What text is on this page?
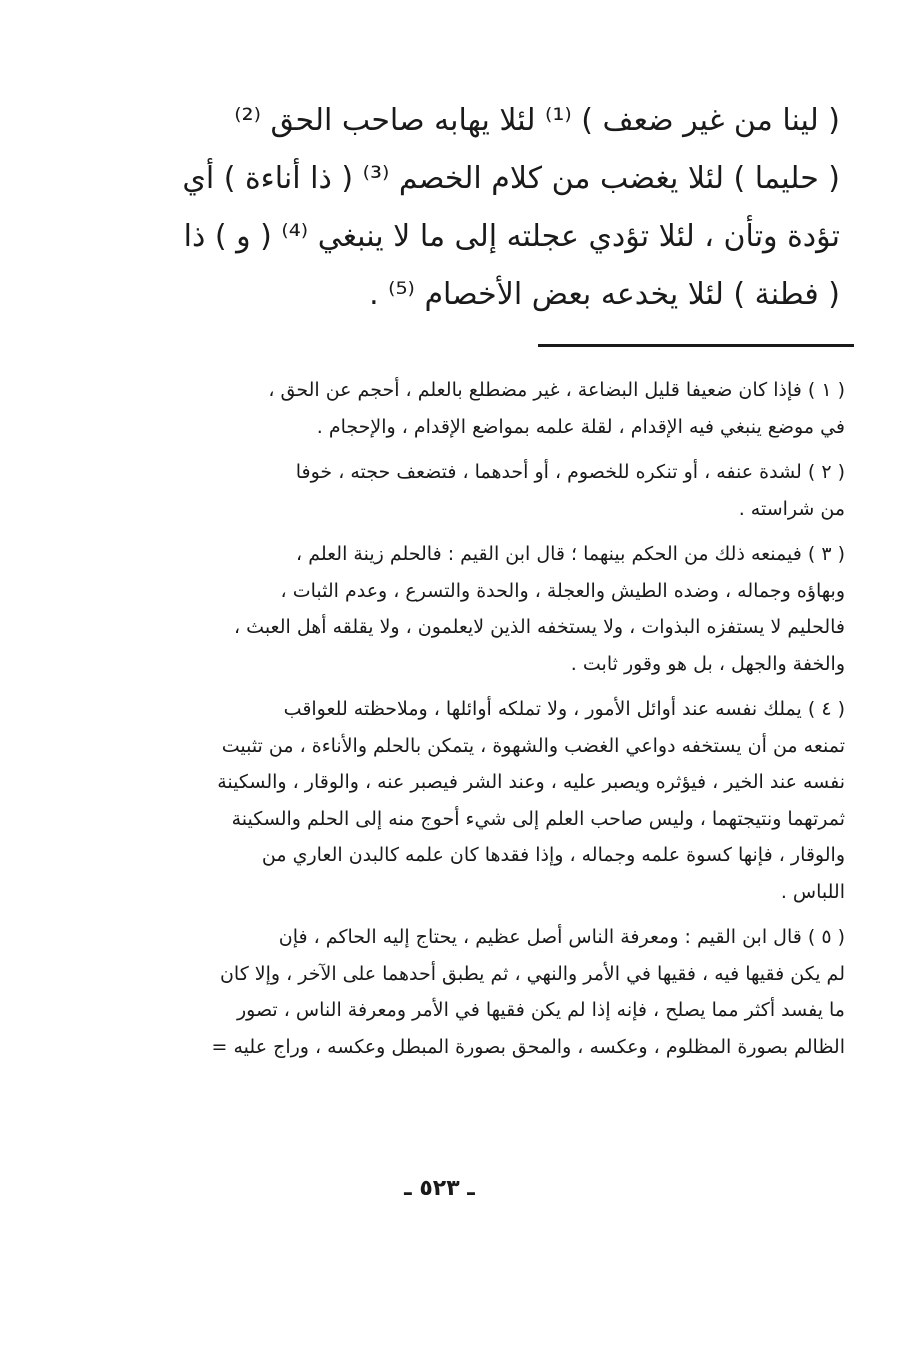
( لينا من غير ضعف ) ⁽¹⁾ لئلا يهابه صاحب الحق ⁽²⁾
( حليما ) لئلا يغضب من كلام الخصم ⁽³⁾ ( ذا أناءة ) أي
تؤدة وتأن ، لئلا تؤدي عجلته إلى ما لا ينبغي ⁽⁴⁾ ( و ) ذا
( فطنة ) لئلا يخدعه بعض الأخصام ⁽⁵⁾ .
( ١ ) فإذا كان ضعيفا قليل البضاعة ، غير مضطلع بالعلم ، أحجم عن الحق ،
في موضع ينبغي فيه الإقدام ، لقلة علمه بمواضع الإقدام ، والإحجام .
( ٢ ) لشدة عنفه ، أو تنكره للخصوم ، أو أحدهما ، فتضعف حجته ، خوفا
من شراسته .
( ٣ ) فيمنعه ذلك من الحكم بينهما ؛ قال ابن القيم : فالحلم زينة العلم ،
وبهاؤه وجماله ، وضده الطيش والعجلة ، والحدة والتسرع ، وعدم الثبات ،
فالحليم لا يستفزه البذوات ، ولا يستخفه الذين لايعلمون ، ولا يقلقه أهل العبث ،
والخفة والجهل ، بل هو وقور ثابت .
( ٤ ) يملك نفسه عند أوائل الأمور ، ولا تملكه أوائلها ، وملاحظته للعواقب
تمنعه من أن يستخفه دواعي الغضب والشهوة ، يتمكن بالحلم والأناءة ، من تثبيت
نفسه عند الخير ، فيؤثره ويصبر عليه ، وعند الشر فيصبر عنه ، والوقار ، والسكينة
ثمرتهما ونتيجتهما ، وليس صاحب العلم إلى شيء أحوج منه إلى الحلم والسكينة
والوقار ، فإنها كسوة علمه وجماله ، وإذا فقدها كان علمه كالبدن العاري من
اللباس .
( ٥ ) قال ابن القيم : ومعرفة الناس أصل عظيم ، يحتاج إليه الحاكم ، فإن
لم يكن فقيها فيه ، فقيها في الأمر والنهي ، ثم يطبق أحدهما على الآخر ، وإلا كان
ما يفسد أكثر مما يصلح ، فإنه إذا لم يكن فقيها في الأمر ومعرفة الناس ، تصور
الظالم بصورة المظلوم ، وعكسه ، والمحق بصورة المبطل وعكسه ، وراج عليه =
ـ ٥٢٣ ـ
